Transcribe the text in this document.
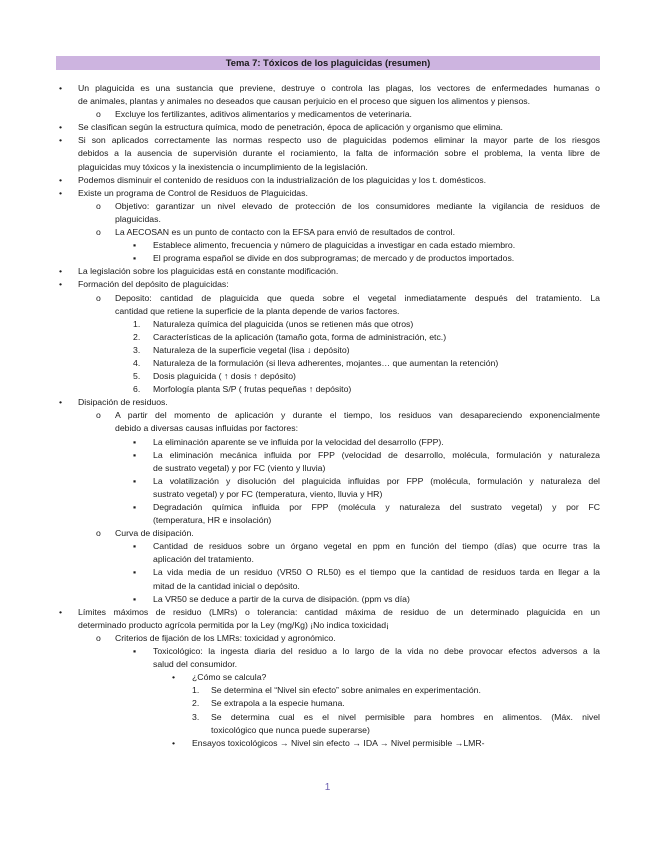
Tema 7: Tóxicos de los plaguicidas (resumen)
• Un plaguicida es una sustancia que previene, destruye o controla las plagas, los vectores de enfermedades humanas o
de animales, plantas y animales no deseados que causan perjuicio en el proceso que siguen los alimentos y piensos.
o Excluye los fertilizantes, aditivos alimentarios y medicamentos de veterinaria.
• Se clasifican según la estructura química, modo de penetración, época de aplicación y organismo que elimina.
• Si son aplicados correctamente las normas respecto uso de plaguicidas podemos eliminar la mayor parte de los riesgos
debidos a la ausencia de supervisión durante el rociamiento, la falta de información sobre el problema, la venta libre de
plaguicidas muy tóxicos y la inexistencia o incumplimiento de la legislación.
• Podemos disminuir el contenido de residuos con la industrialización de los plaguicidas y los t. domésticos.
• Existe un programa de Control de Residuos de Plaguicidas.
o Objetivo: garantizar un nivel elevado de protección de los consumidores mediante la vigilancia de residuos de
plaguicidas.
o La AECOSAN es un punto de contacto con la EFSA para envió de resultados de control.
▪ Establece alimento, frecuencia y número de plaguicidas a investigar en cada estado miembro.
▪ El programa español se divide en dos subprogramas; de mercado y de productos importados.
• La legislación sobre los plaguicidas está en constante modificación.
• Formación del depósito de plaguicidas:
o Deposito: cantidad de plaguicida que queda sobre el vegetal inmediatamente después del tratamiento. La
cantidad que retiene la superficie de la planta depende de varios factores.
1. Naturaleza química del plaguicida (unos se retienen más que otros)
2. Características de la aplicación (tamaño gota, forma de administración, etc.)
3. Naturaleza de la superficie vegetal (lisa ↓ depósito)
4. Naturaleza de la formulación (si lleva adherentes, mojantes… que aumentan la retención)
5. Dosis plaguicida ( ↑ dosis ↑ depósito)
6. Morfología planta S/P ( frutas pequeñas ↑ depósito)
• Disipación de residuos.
o A partir del momento de aplicación y durante el tiempo, los residuos van desapareciendo exponencialmente
debido a diversas causas influidas por factores:
▪ La eliminación aparente se ve influida por la velocidad del desarrollo (FPP).
▪ La eliminación mecánica influida por FPP (velocidad de desarrollo, molécula, formulación y naturaleza
de sustrato vegetal) y por FC (viento y lluvia)
▪ La volatilización y disolución del plaguicida influidas por FPP (molécula, formulación y naturaleza del
sustrato vegetal) y por FC (temperatura, viento, lluvia y HR)
▪ Degradación química influida por FPP (molécula y naturaleza del sustrato vegetal) y por FC
(temperatura, HR e insolación)
o Curva de disipación.
▪ Cantidad de residuos sobre un órgano vegetal en ppm en función del tiempo (días) que ocurre tras la
aplicación del tratamiento.
▪ La vida media de un residuo (VR50 O RL50) es el tiempo que la cantidad de residuos tarda en llegar a la
mitad de la cantidad inicial o depósito.
▪ La VR50 se deduce a partir de la curva de disipación. (ppm vs día)
• Límites máximos de residuo (LMRs) o tolerancia: cantidad máxima de residuo de un determinado plaguicida en un
determinado producto agrícola permitida por la Ley (mg/Kg) ¡No indica toxicidad¡
o Criterios de fijación de los LMRs: toxicidad y agronómico.
▪ Toxicológico: la ingesta diaria del residuo a lo largo de la vida no debe provocar efectos adversos a la
salud del consumidor.
• ¿Cómo se calcula?
1. Se determina el “Nivel sin efecto” sobre animales en experimentación.
2. Se extrapola a la especie humana.
3. Se determina cual es el nivel permisible para hombres en alimentos. (Máx. nivel
toxicológico que nunca puede superarse)
• Ensayos toxicológicos → Nivel sin efecto → IDA → Nivel permisible →LMR-
1
